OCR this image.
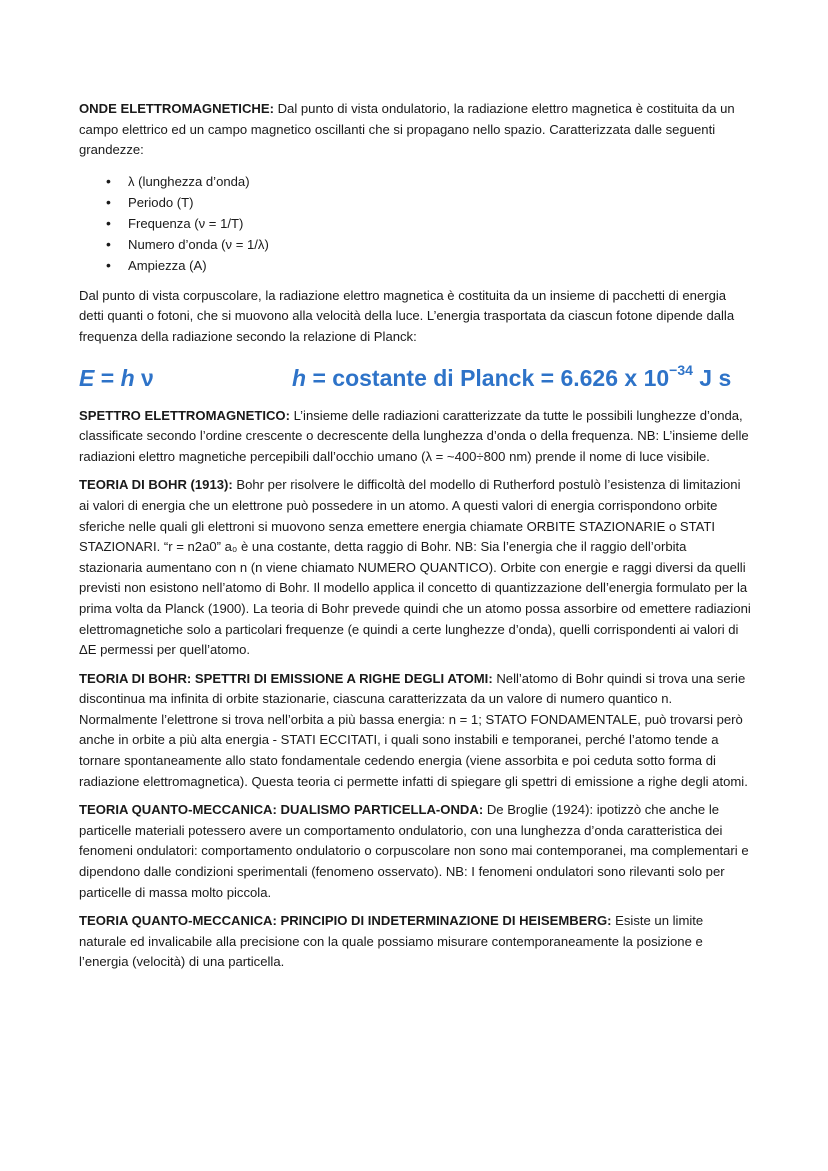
ONDE ELETTROMAGNETICHE: Dal punto di vista ondulatorio, la radiazione elettro magnetica è costituita da un campo elettrico ed un campo magnetico oscillanti che si propagano nello spazio. Caratterizzata dalle seguenti grandezze:

• λ (lunghezza d’onda)
• Periodo (T)
• Frequenza (ν = 1/T)
• Numero d’onda (ν = 1/λ)
• Ampiezza (A)

Dal punto di vista corpuscolare, la radiazione elettro magnetica è costituita da un insieme di pacchetti di energia detti quanti o fotoni, che si muovono alla velocità della luce. L’energia trasportata da ciascun fotone dipende dalla frequenza della radiazione secondo la relazione di Planck:

E = h ν	h = costante di Planck = 6.626 x $10^{-34}$ J s

SPETTRO ELETTROMAGNETICO: L’insieme delle radiazioni caratterizzate da tutte le possibili lunghezze d’onda, classificate secondo l’ordine crescente o decrescente della lunghezza d’onda o della frequenza. NB: L’insieme delle radiazioni elettro magnetiche percepibili dall’occhio umano (λ = ~400÷800 nm) prende il nome di luce visibile.

TEORIA DI BOHR (1913): Bohr per risolvere le difficoltà del modello di Rutherford postulò l’esistenza di limitazioni ai valori di energia che un elettrone può possedere in un atomo. A questi valori di energia corrispondono orbite sferiche nelle quali gli elettroni si muovono senza emettere energia chiamate ORBITE STAZIONARIE o STATI STAZIONARI. “r = n2a0” a₀ è una costante, detta raggio di Bohr. NB: Sia l’energia che il raggio dell’orbita stazionaria aumentano con n (n viene chiamato NUMERO QUANTICO). Orbite con energie e raggi diversi da quelli previsti non esistono nell’atomo di Bohr. Il modello applica il concetto di quantizzazione dell’energia formulato per la prima volta da Planck (1900). La teoria di Bohr prevede quindi che un atomo possa assorbire od emettere radiazioni elettromagnetiche solo a particolari frequenze (e quindi a certe lunghezze d’onda), quelli corrispondenti ai valori di ΔE permessi per quell’atomo.

TEORIA DI BOHR: SPETTRI DI EMISSIONE A RIGHE DEGLI ATOMI: Nell’atomo di Bohr quindi si trova una serie discontinua ma infinita di orbite stazionarie, ciascuna caratterizzata da un valore di numero quantico n. Normalmente l’elettrone si trova nell’orbita a più bassa energia: n = 1; STATO FONDAMENTALE, può trovarsi però anche in orbite a più alta energia - STATI ECCITATI, i quali sono instabili e temporanei, perché l’atomo tende a tornare spontaneamente allo stato fondamentale cedendo energia (viene assorbita e poi ceduta sotto forma di radiazione elettromagnetica). Questa teoria ci permette infatti di spiegare gli spettri di emissione a righe degli atomi.

TEORIA QUANTO-MECCANICA: DUALISMO PARTICELLA-ONDA: De Broglie (1924): ipotizzò che anche le particelle materiali potessero avere un comportamento ondulatorio, con una lunghezza d’onda caratteristica dei fenomeni ondulatori: comportamento ondulatorio o corpuscolare non sono mai contemporanei, ma complementari e dipendono dalle condizioni sperimentali (fenomeno osservato). NB: I fenomeni ondulatori sono rilevanti solo per particelle di massa molto piccola.

TEORIA QUANTO-MECCANICA: PRINCIPIO DI INDETERMINAZIONE DI HEISEMBERG: Esiste un limite naturale ed invalicabile alla precisione con la quale possiamo misurare contemporaneamente la posizione e l’energia (velocità) di una particella.
